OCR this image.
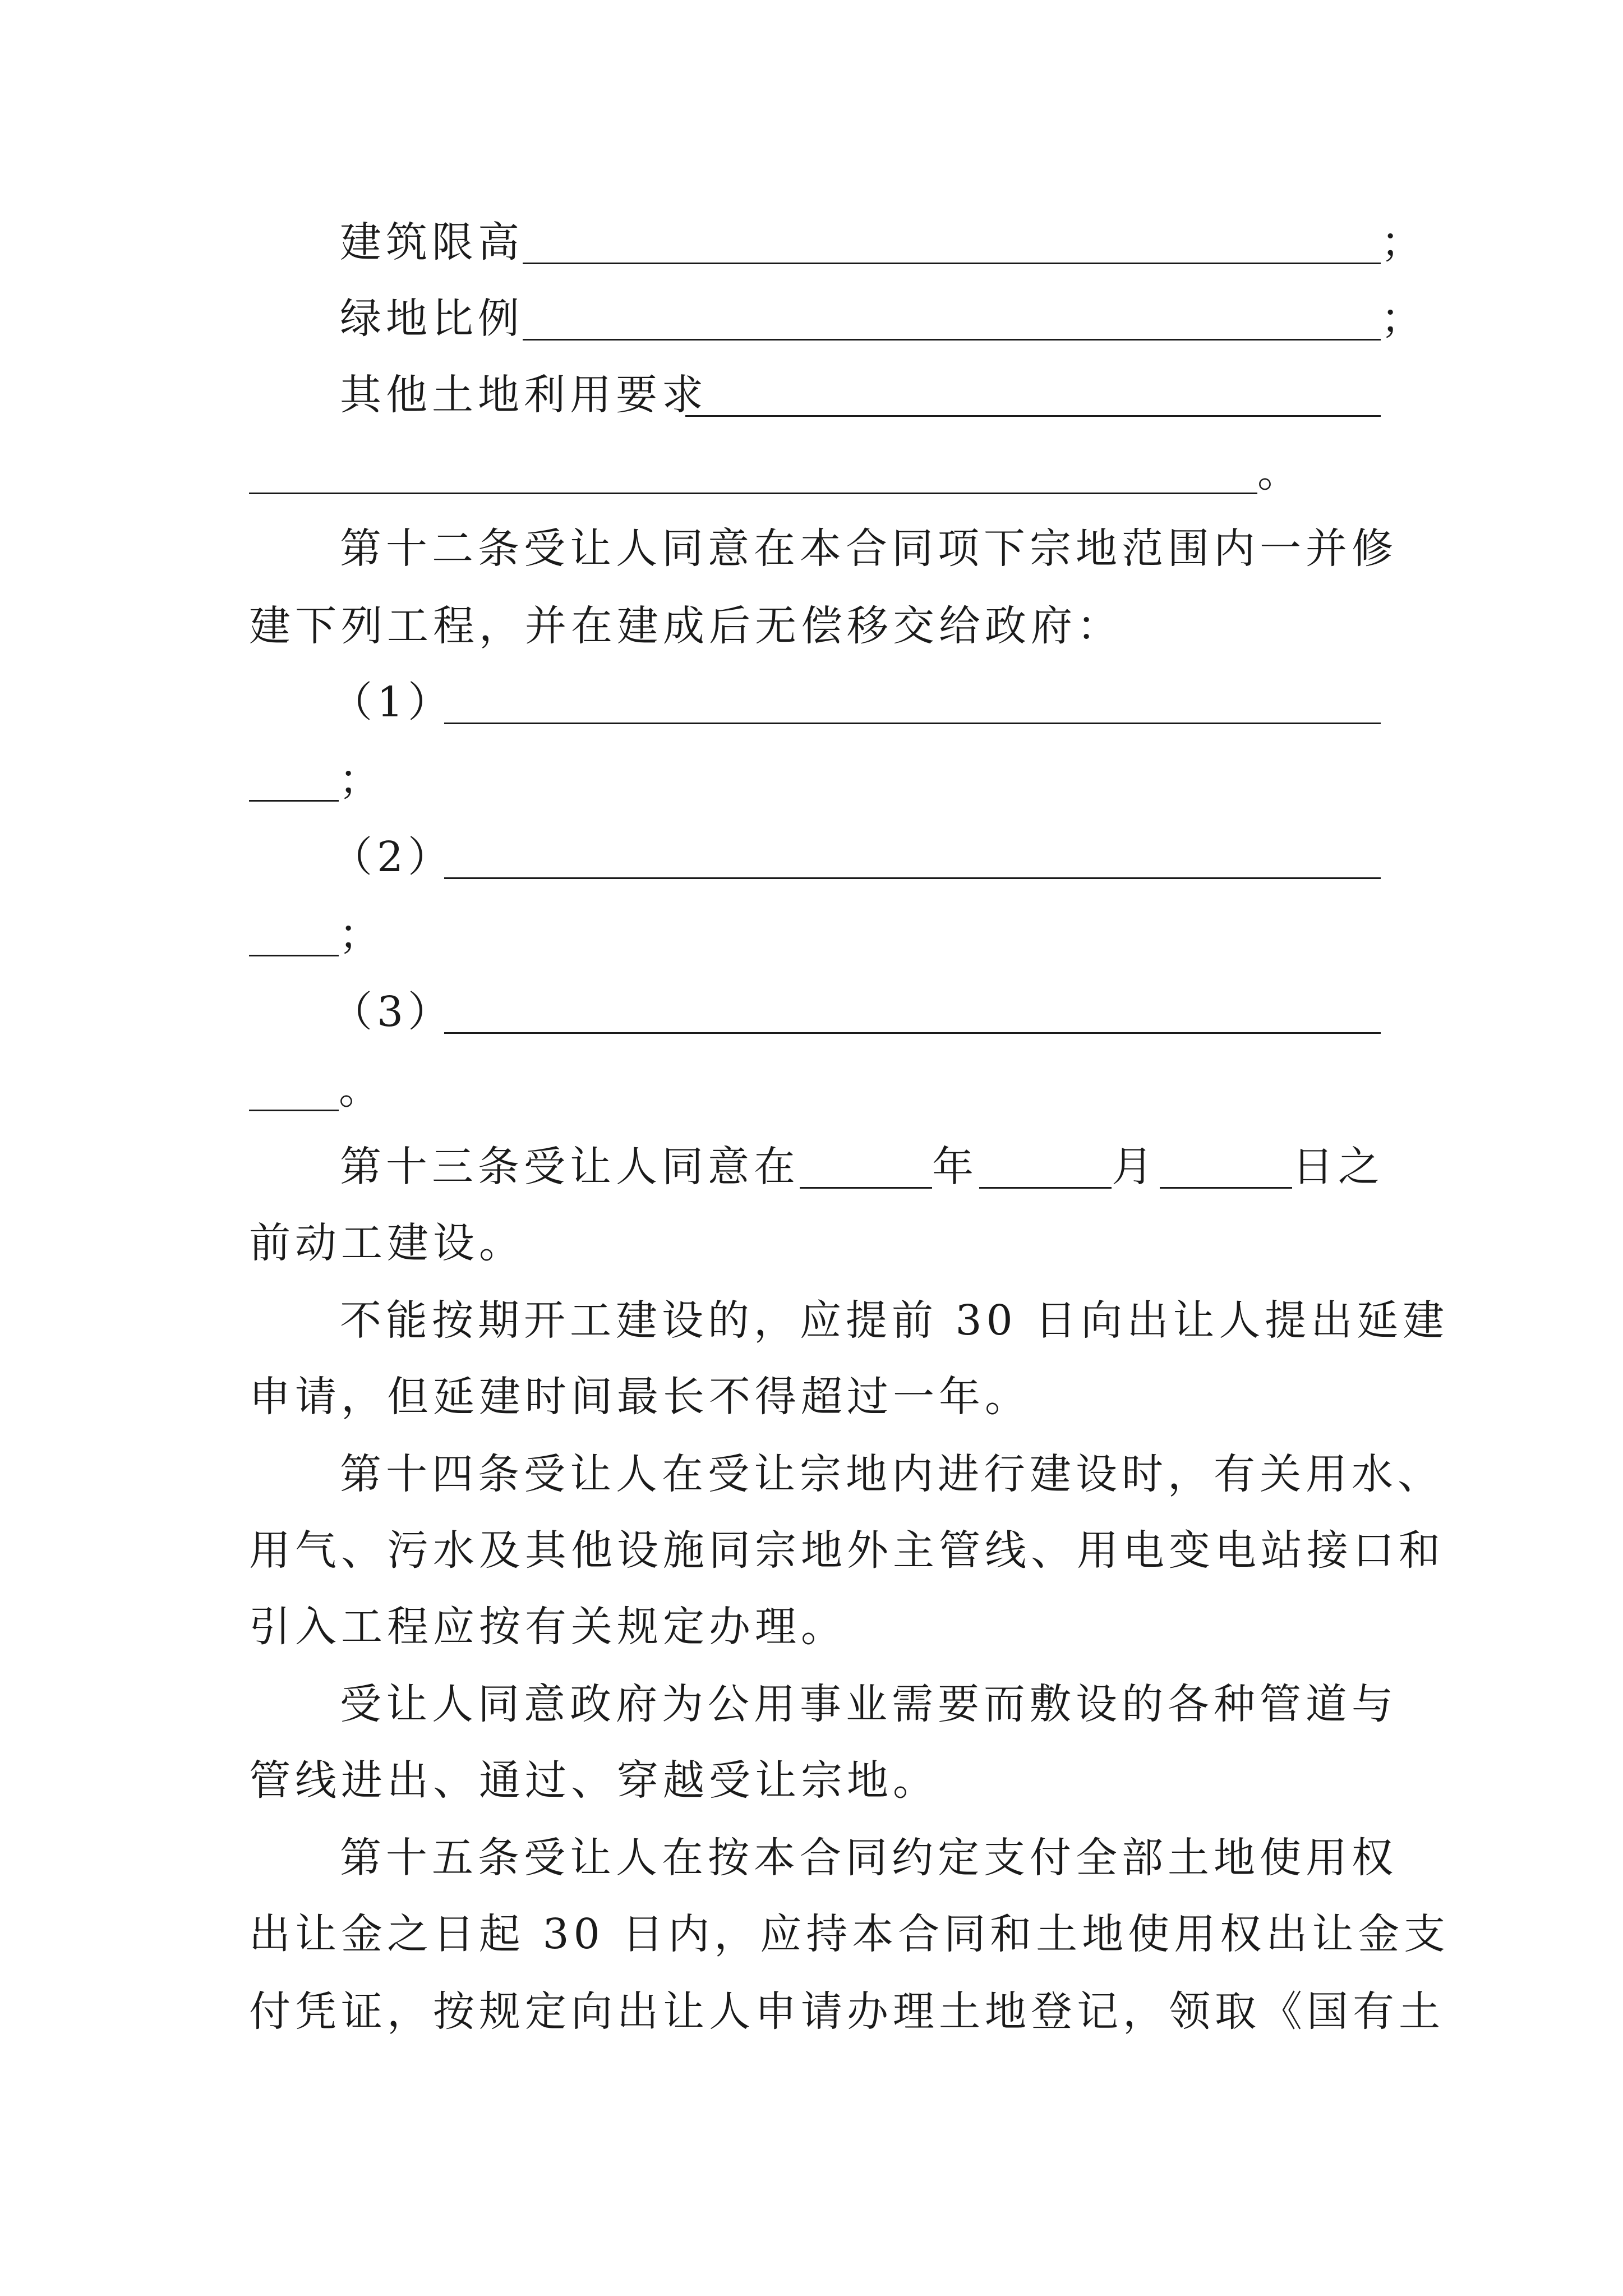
建筑限高	；
绿地比例	；
其他土地利用要求
。
第十二条受让人同意在本合同项下宗地范围内一并修
建下列工程，并在建成后无偿移交给政府：
（1）
；
（2）
；
（3）
。
第十三条受让人同意在	年	月	日之
前动工建设。
不能按期开工建设的，应提前 30 日向出让人提出延建
申请，但延建时间最长不得超过一年。
第十四条受让人在受让宗地内进行建设时，有关用水、
用气、污水及其他设施同宗地外主管线、用电变电站接口和
引入工程应按有关规定办理。
受让人同意政府为公用事业需要而敷设的各种管道与
管线进出、通过、穿越受让宗地。
第十五条受让人在按本合同约定支付全部土地使用权
出让金之日起 30 日内，应持本合同和土地使用权出让金支
付凭证，按规定向出让人申请办理土地登记，领取《国有土
